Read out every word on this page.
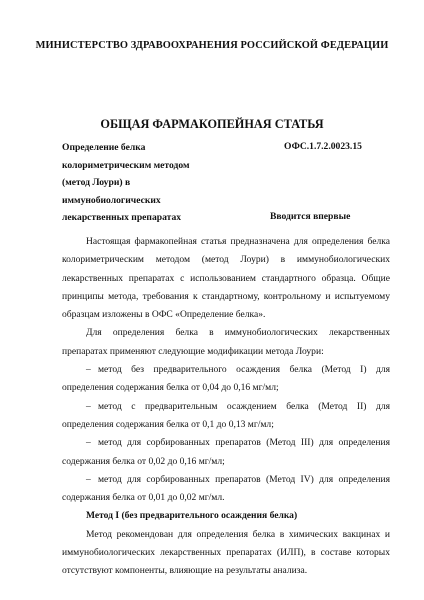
МИНИСТЕРСТВО ЗДРАВООХРАНЕНИЯ РОССИЙСКОЙ ФЕДЕРАЦИИ
ОБЩАЯ ФАРМАКОПЕЙНАЯ СТАТЬЯ
Определение белка
колориметрическим методом
(метод Лоури) в
иммунобиологических
лекарственных препаратах
ОФС.1.7.2.0023.15
Вводится впервые

Настоящая фармакопейная статья предназначена для определения белка колориметрическим методом (метод Лоури) в иммунобиологических лекарственных препаратах с использованием стандартного образца. Общие принципы метода, требования к стандартному, контрольному и испытуемому образцам изложены в ОФС «Определение белка».

Для определения белка в иммунобиологических лекарственных препаратах применяют следующие модификации метода Лоури:

– метод без предварительного осаждения белка (Метод I) для определения содержания белка от 0,04 до 0,16 мг/мл;

– метод с предварительным осаждением белка (Метод II) для определения содержания белка от 0,1 до 0,13 мг/мл;

– метод для сорбированных препаратов (Метод III) для определения содержания белка от 0,02 до 0,16 мг/мл;

– метод для сорбированных препаратов (Метод IV) для определения содержания белка от 0,01 до 0,02 мг/мл.

Метод I (без предварительного осаждения белка)

Метод рекомендован для определения белка в химических вакцинах и иммунобиологических лекарственных препаратах (ИЛП), в составе которых отсутствуют компоненты, влияющие на результаты анализа.
